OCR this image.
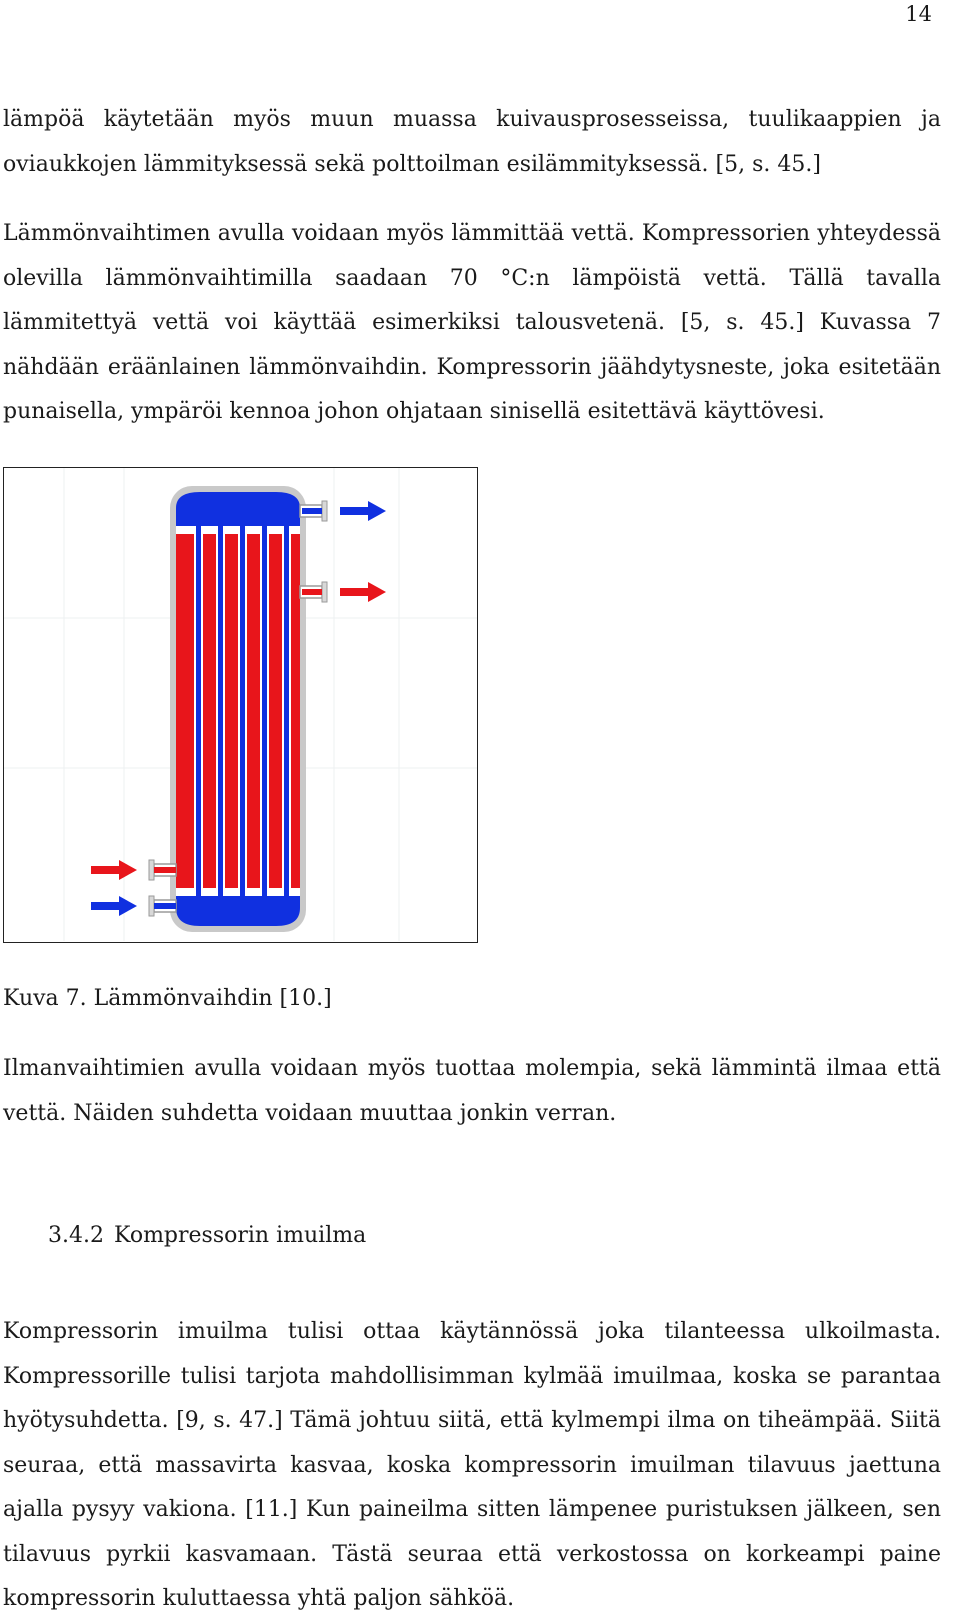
14

lämpöä käytetään myös muun muassa kuivausprosesseissa, tuulikaappien ja oviaukkojen lämmityksessä sekä polttoilman esilämmityksessä. [5, s. 45.]

Lämmönvaihtimen avulla voidaan myös lämmittää vettä. Kompressorien yhteydessä olevilla lämmönvaihtimilla saadaan 70 °C:n lämpöistä vettä. Tällä tavalla lämmitettyä vettä voi käyttää esimerkiksi talousvetenä. [5, s. 45.] Kuvassa 7 nähdään eräänlainen lämmönvaihdin. Kompressorin jäähdytysneste, joka esitetään punaisella, ympäröi kennoa johon ohjataan sinisellä esitettävä käyttövesi.

Kuva 7. Lämmönvaihdin [10.]

Ilmanvaihtimien avulla voidaan myös tuottaa molempia, sekä lämmintä ilmaa että vettä. Näiden suhdetta voidaan muuttaa jonkin verran.

3.4.2 Kompressorin imuilma

Kompressorin imuilma tulisi ottaa käytännössä joka tilanteessa ulkoilmasta. Kompressorille tulisi tarjota mahdollisimman kylmää imuilmaa, koska se parantaa hyötysuhdetta. [9, s. 47.] Tämä johtuu siitä, että kylmempi ilma on tiheämpää. Siitä seuraa, että massavirta kasvaa, koska kompressorin imuilman tilavuus jaettuna ajalla pysyy vakiona. [11.] Kun paineilma sitten lämpenee puristuksen jälkeen, sen tilavuus pyrkii kasvamaan. Tästä seuraa että verkostossa on korkeampi paine kompressorin kuluttaessa yhtä paljon sähköä.
